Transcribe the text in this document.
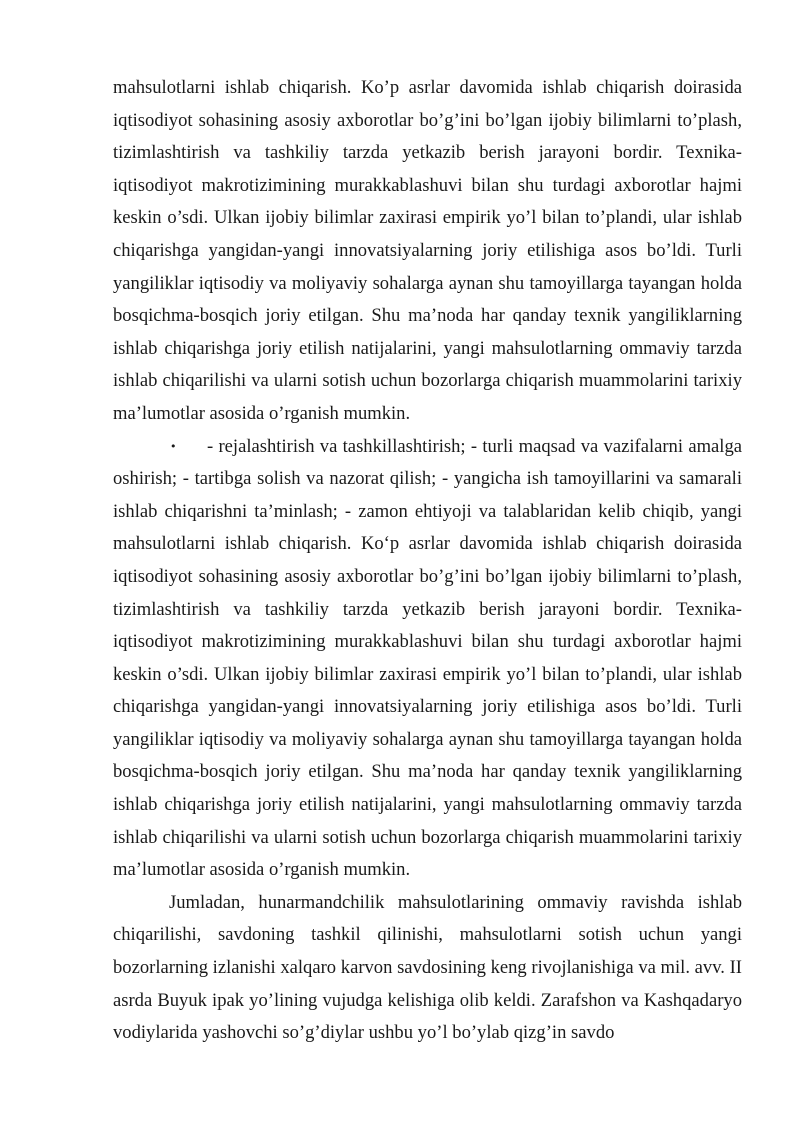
mahsulotlarni ishlab chiqarish. Ko’p asrlar davomida ishlab chiqarish doirasida iqtisodiyot sohasining asosiy axborotlar bo’g’ini bo’lgan ijobiy bilimlarni to’plash, tizimlashtirish va tashkiliy tarzda yetkazib berish jarayoni bordir. Texnika-iqtisodiyot makrotizimining murakkablashuvi bilan shu turdagi axborotlar hajmi keskin o’sdi. Ulkan ijobiy bilimlar zaxirasi empirik yo’l bilan to’plandi, ular ishlab chiqarishga yangidan-yangi innovatsiyalarning joriy etilishiga asos bo’ldi. Turli yangiliklar iqtisodiy va moliyaviy sohalarga aynan shu tamoyillarga tayangan holda bosqichma-bosqich joriy etilgan. Shu ma’noda har qanday texnik yangiliklarning ishlab chiqarishga joriy etilish natijalarini, yangi mahsulotlarning ommaviy tarzda ishlab chiqarilishi va ularni sotish uchun bozorlarga chiqarish muammolarini tarixiy ma’lumotlar asosida o’rganish mumkin.

• - rejalashtirish va tashkillashtirish; - turli maqsad va vazifalarni amalga oshirish; - tartibga solish va nazorat qilish; - yangicha ish tamoyillarini va samarali ishlab chiqarishni ta’minlash; - zamon ehtiyoji va talablaridan kelib chiqib, yangi mahsulotlarni ishlab chiqarish. Ko‘p asrlar davomida ishlab chiqarish doirasida iqtisodiyot sohasining asosiy axborotlar bo’g’ini bo’lgan ijobiy bilimlarni to’plash, tizimlashtirish va tashkiliy tarzda yetkazib berish jarayoni bordir. Texnika-iqtisodiyot makrotizimining murakkablashuvi bilan shu turdagi axborotlar hajmi keskin o’sdi. Ulkan ijobiy bilimlar zaxirasi empirik yo’l bilan to’plandi, ular ishlab chiqarishga yangidan-yangi innovatsiyalarning joriy etilishiga asos bo’ldi. Turli yangiliklar iqtisodiy va moliyaviy sohalarga aynan shu tamoyillarga tayangan holda bosqichma-bosqich joriy etilgan. Shu ma’noda har qanday texnik yangiliklarning ishlab chiqarishga joriy etilish natijalarini, yangi mahsulotlarning ommaviy tarzda ishlab chiqarilishi va ularni sotish uchun bozorlarga chiqarish muammolarini tarixiy ma’lumotlar asosida o’rganish mumkin.

Jumladan, hunarmandchilik mahsulotlarining ommaviy ravishda ishlab chiqarilishi, savdoning tashkil qilinishi, mahsulotlarni sotish uchun yangi bozorlarning izlanishi xalqaro karvon savdosining keng rivojlanishiga va mil. avv. II asrda Buyuk ipak yo’lining vujudga kelishiga olib keldi. Zarafshon va Kashqadaryo vodiylarida yashovchi so’g’diylar ushbu yo’l bo’ylab qizg’in savdo
